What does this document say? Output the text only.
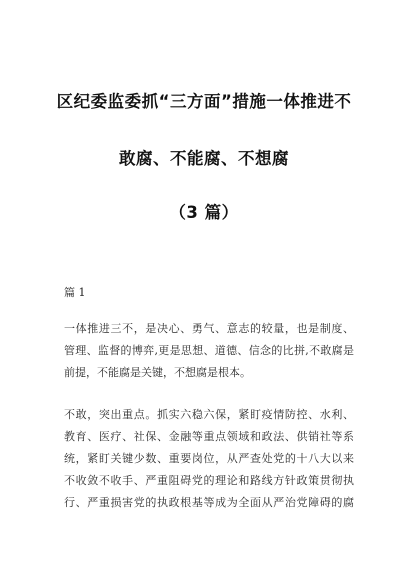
区纪委监委抓“三方面”措施一体推进不
敢腐、不能腐、不想腐
（3 篇）
篇 1
一体推进三不，是决心、勇气、意志的较量，也是制度、
管理、监督的博弈,更是思想、道德、信念的比拼,不敢腐是
前提，不能腐是关键，不想腐是根本。
不敢，突出重点。抓实六稳六保，紧盯疫情防控、水利、
教育、医疗、社保、金融等重点领域和政法、供销社等系
统，紧盯关键少数、重要岗位，从严查处党的十八大以来
不收敛不收手、严重阻碍党的理论和路线方针政策贯彻执
行、严重损害党的执政根基等成为全面从严治党障碍的腐
